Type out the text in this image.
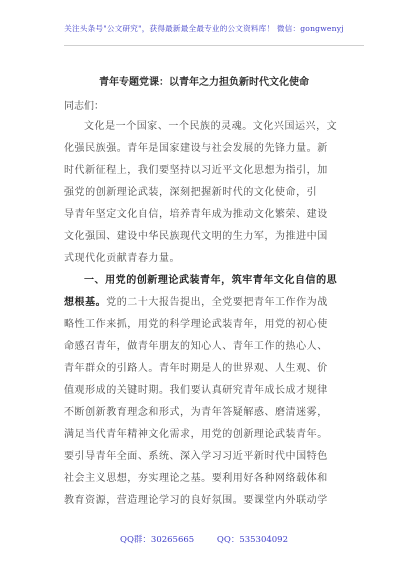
关注头条号"公文研究"，获得最新最全最专业的公文资料库！ 微信：gongwenyj
青年专题党课：以青年之力担负新时代文化使命
同志们：
文化是一个国家、一个民族的灵魂。文化兴国运兴，文
化强民族强。青年是国家建设与社会发展的先锋力量。新
时代新征程上，我们要坚持以习近平文化思想为指引，加
强党的创新理论武装，深刻把握新时代的文化使命，引
导青年坚定文化自信，培养青年成为推动文化繁荣、建设
文化强国、建设中华民族现代文明的生力军，为推进中国
式现代化贡献青春力量。
一、用党的创新理论武装青年，筑牢青年文化自信的思
想根基。党的二十大报告提出，全党要把青年工作作为战
略性工作来抓，用党的科学理论武装青年，用党的初心使
命感召青年，做青年朋友的知心人、青年工作的热心人、
青年群众的引路人。青年时期是人的世界观、人生观、价
值观形成的关键时期。我们要认真研究青年成长成才规律
不断创新教育理念和形式，为青年答疑解惑、磨清迷雾，
满足当代青年精神文化需求，用党的创新理论武装青年。
要引导青年全面、系统、深入学习习近平新时代中国特色
社会主义思想，夯实理论之基。要利用好各种网络载体和
教育资源，营造理论学习的良好氛围。要课堂内外联动学
QQ群：30265665	QQ：535304092
